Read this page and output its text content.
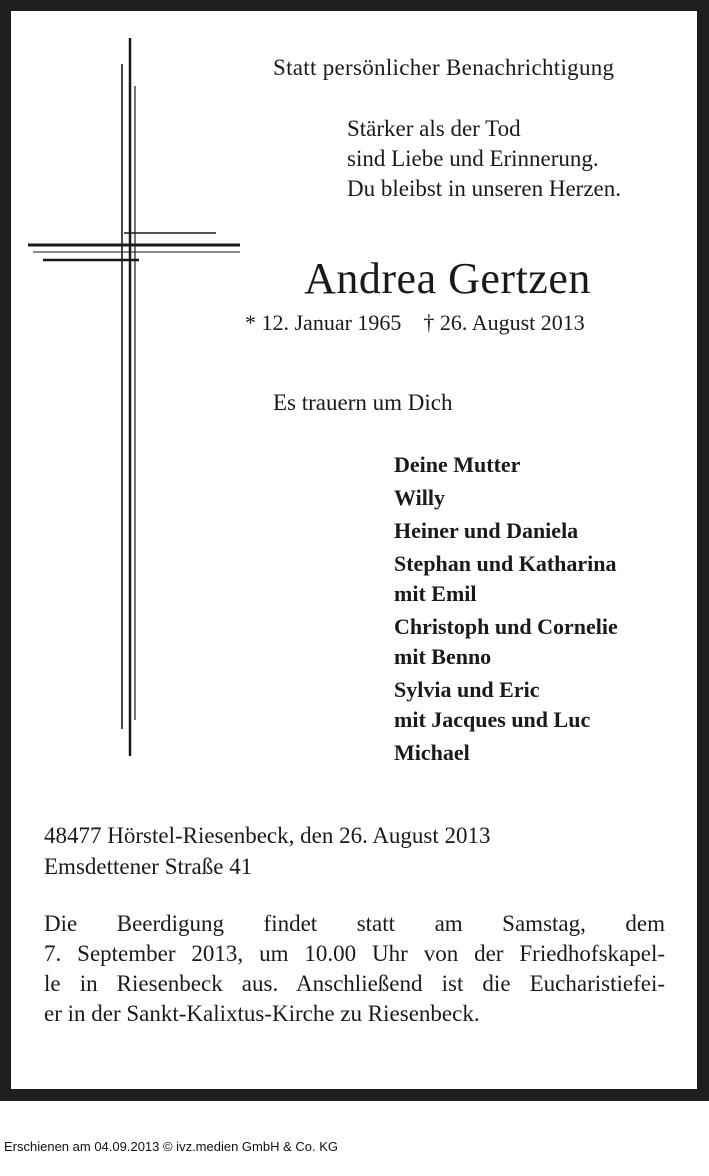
Statt persönlicher Benachrichtigung

Stärker als der Tod
sind Liebe und Erinnerung.
Du bleibst in unseren Herzen.

Andrea Gertzen

* 12. Januar 1965 † 26. August 2013

Es trauern um Dich

Deine Mutter
Willy
Heiner und Daniela
Stephan und Katharina
mit Emil
Christoph und Cornelie
mit Benno
Sylvia und Eric
mit Jacques und Luc
Michael
48477 Hörstel-Riesenbeck, den 26. August 2013
Emsdettener Straße 41
Die Beerdigung findet statt am Samstag, dem
7. September 2013, um 10.00 Uhr von der Friedhofskapel-
le in Riesenbeck aus. Anschließend ist die Eucharistiefei-
er in der Sankt-Kalixtus-Kirche zu Riesenbeck.
Erschienen am 04.09.2013 © ivz.medien GmbH & Co. KG
